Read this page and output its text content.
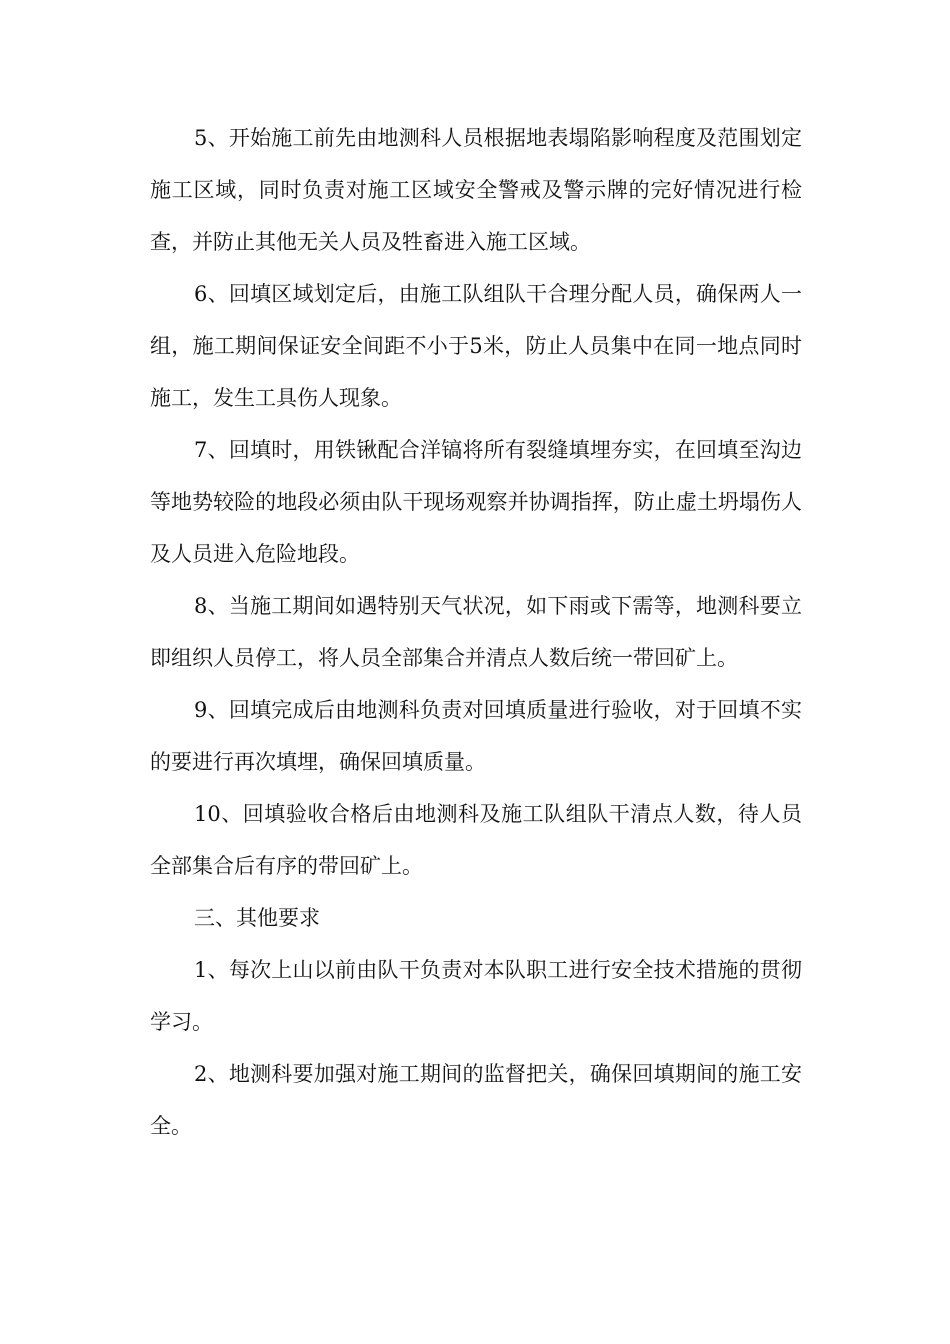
5、开始施工前先由地测科人员根据地表塌陷影响程度及范围划定施工区域，同时负责对施工区域安全警戒及警示牌的完好情况进行检查，并防止其他无关人员及牲畜进入施工区域。

6、回填区域划定后，由施工队组队干合理分配人员，确保两人一组，施工期间保证安全间距不小于5米，防止人员集中在同一地点同时施工，发生工具伤人现象。

7、回填时，用铁锹配合洋镐将所有裂缝填埋夯实，在回填至沟边等地势较险的地段必须由队干现场观察并协调指挥，防止虚土坍塌伤人及人员进入危险地段。

8、当施工期间如遇特别天气状况，如下雨或下需等，地测科要立即组织人员停工，将人员全部集合并清点人数后统一带回矿上。

9、回填完成后由地测科负责对回填质量进行验收，对于回填不实的要进行再次填埋，确保回填质量。

10、回填验收合格后由地测科及施工队组队干清点人数，待人员全部集合后有序的带回矿上。

三、其他要求

1、每次上山以前由队干负责对本队职工进行安全技术措施的贯彻学习。

2、地测科要加强对施工期间的监督把关，确保回填期间的施工安全。
